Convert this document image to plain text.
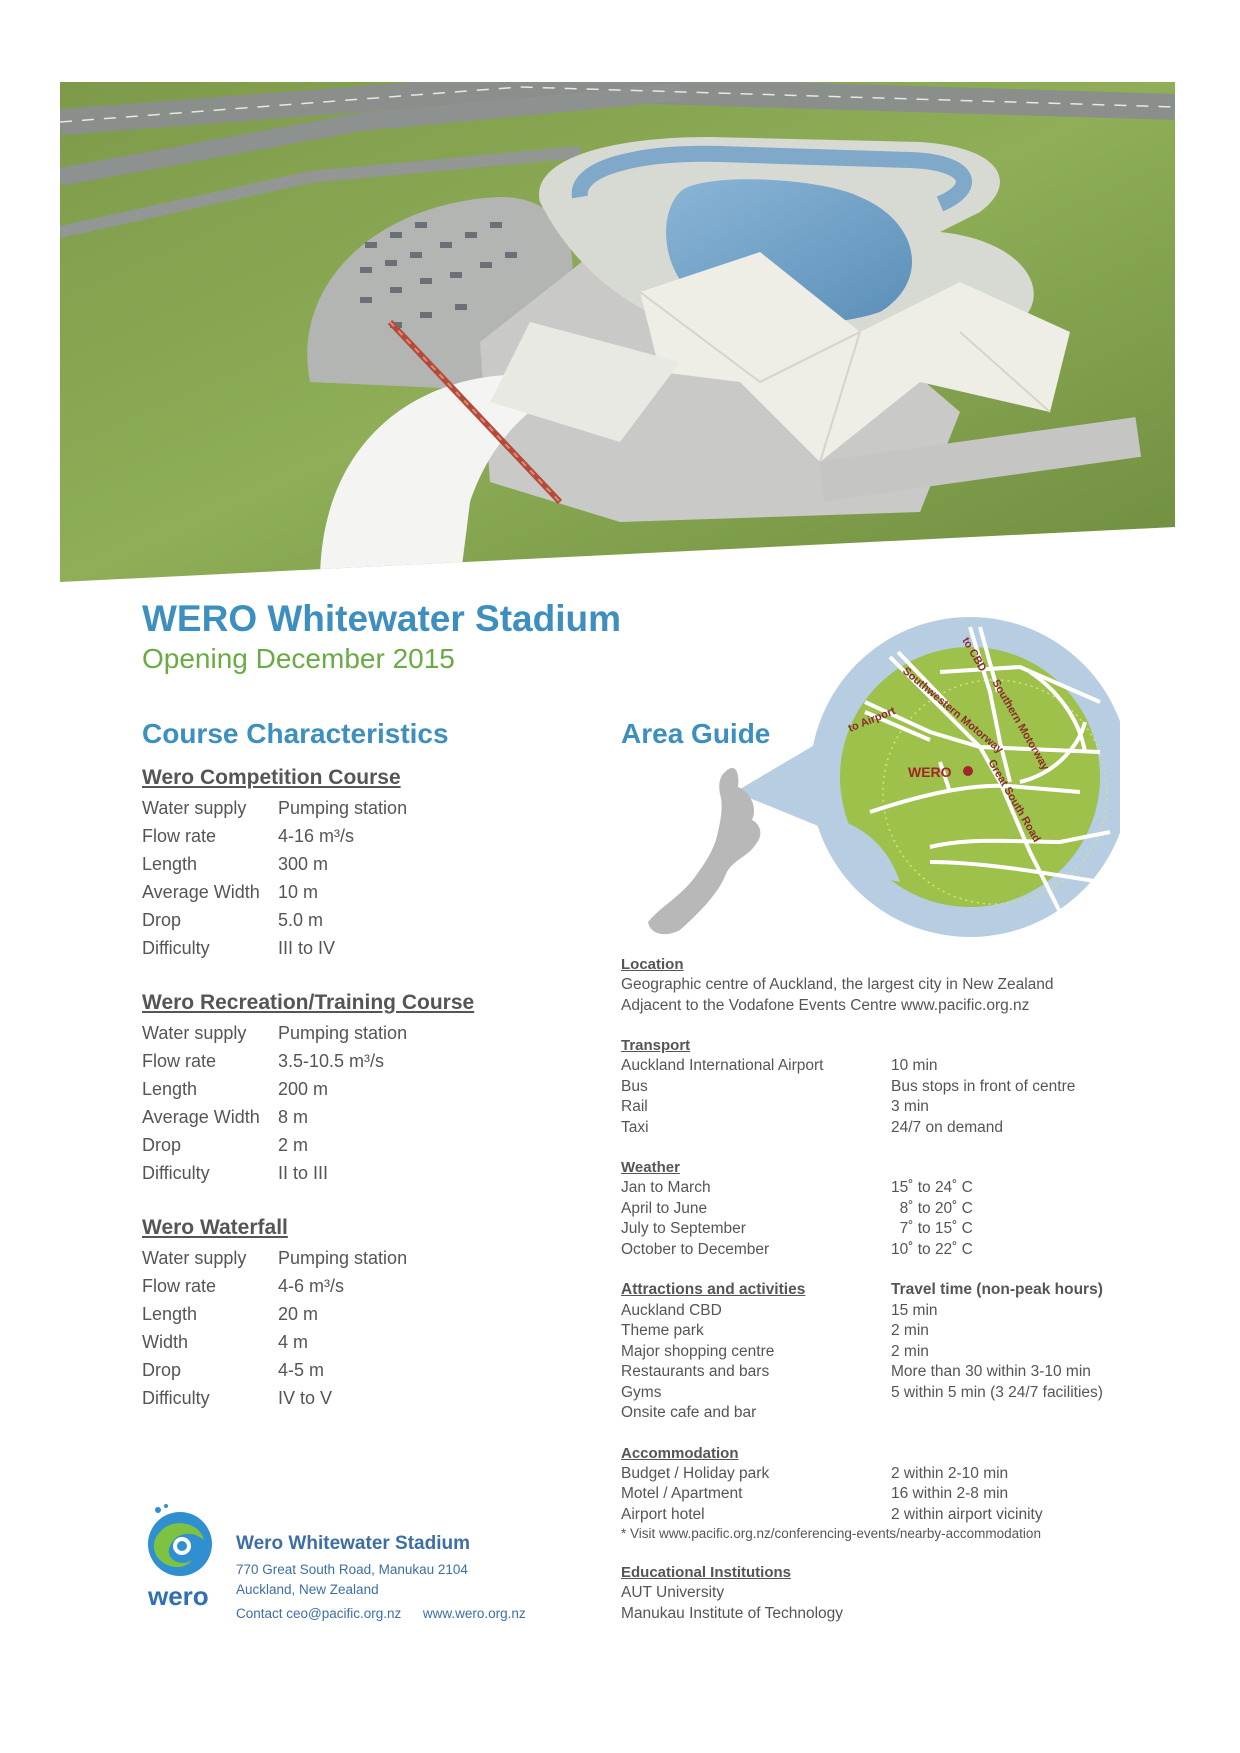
WERO Whitewater Stadium
Opening December 2015
Course Characteristics	Area Guide
Wero Competition Course
Water supply	Pumping station
Flow rate	4-16 m³/s
Length	300 m
Average Width	10 m
Drop	5.0 m
Difficulty	III to IV
Wero Recreation/Training Course
Water supply	Pumping station
Flow rate	3.5-10.5 m³/s
Length	200 m
Average Width	8 m
Drop	2 m
Difficulty	II to III
Wero Waterfall
Water supply	Pumping station
Flow rate	4-6 m³/s
Length	20 m
Width	4 m
Drop	4-5 m
Difficulty	IV to V
to CBD
Southwestern Motorway
Southern Motorway
to Airport
Great South Road
WERO
Location
Geographic centre of Auckland, the largest city in New Zealand
Adjacent to the Vodafone Events Centre www.pacific.org.nz
Transport
Auckland International Airport	10 min
Bus	Bus stops in front of centre
Rail	3 min
Taxi	24/7 on demand
Weather
Jan to March	15˚ to 24˚ C
April to June	8˚ to 20˚ C
July to September	7˚ to 15˚ C
October to December	10˚ to 22˚ C
Attractions and activities	Travel time (non-peak hours)
Auckland CBD	15 min
Theme park	2 min
Major shopping centre	2 min
Restaurants and bars	More than 30 within 3-10 min
Gyms	5 within 5 min (3 24/7 facilities)
Onsite cafe and bar
Accommodation
Budget / Holiday park	2 within 2-10 min
Motel / Apartment	16 within 2-8 min
Airport hotel	2 within airport vicinity
* Visit www.pacific.org.nz/conferencing-events/nearby-accommodation
Educational Institutions
AUT University
Manukau Institute of Technology
wero
Wero Whitewater Stadium
770 Great South Road, Manukau 2104
Auckland, New Zealand
Contact ceo@pacific.org.nz www.wero.org.nz
